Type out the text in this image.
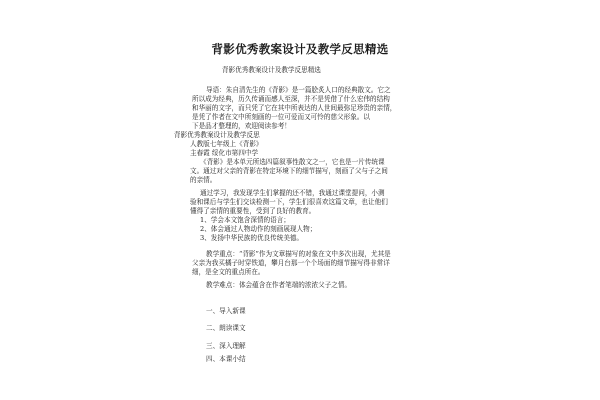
背影优秀教案设计及教学反思精选
背影优秀教案设计及教学反思精选
导语：朱自清先生的《背影》是一篇脍炙人口的经典散文。它之
所以成为经典，历久传诵而感人至深，并不是凭借了什么宏伟的结构
和华丽的文字，而只凭了它在其中所表达的人世间最弥足珍贵的亲情，
是凭了作者在文中所刻画的一位可爱而又可怜的慈父形象。以
下是品才整理的，欢迎阅读参考！
背影优秀教案设计及教学反思
人教版七年级上《背影》
主春霞 绥化市第四中学
《背影》是本单元所选四篇叙事性散文之一，它也是一片传统课
文。通过对父亲的背影在特定环境下的细节描写，刻画了父与子之间
的亲情。
通过学习，我发现学生们掌握的还不错，我通过课堂提问，小测
验和课后与学生们交谈检测一下，学生们很喜欢这篇文章，也让他们
懂得了亲情的重要性，受到了良好的教育。
1、学会本文饱含深情的语言；
2、体会通过人物动作的刻画展现人物；
3、发扬中华民族的优良传统美德。
教学重点：“背影”作为文章描写的对象在文中多次出现，尤其是
父亲为我买橘子时穿铁道，攀月台那一个个场面的细节描写得非常详
细，是全文的重点所在。
教学难点：体会蕴含在作者笔端的浓浓父子之情。
一、导入新课
二、朗读课文
三、深入理解
四、本课小结
